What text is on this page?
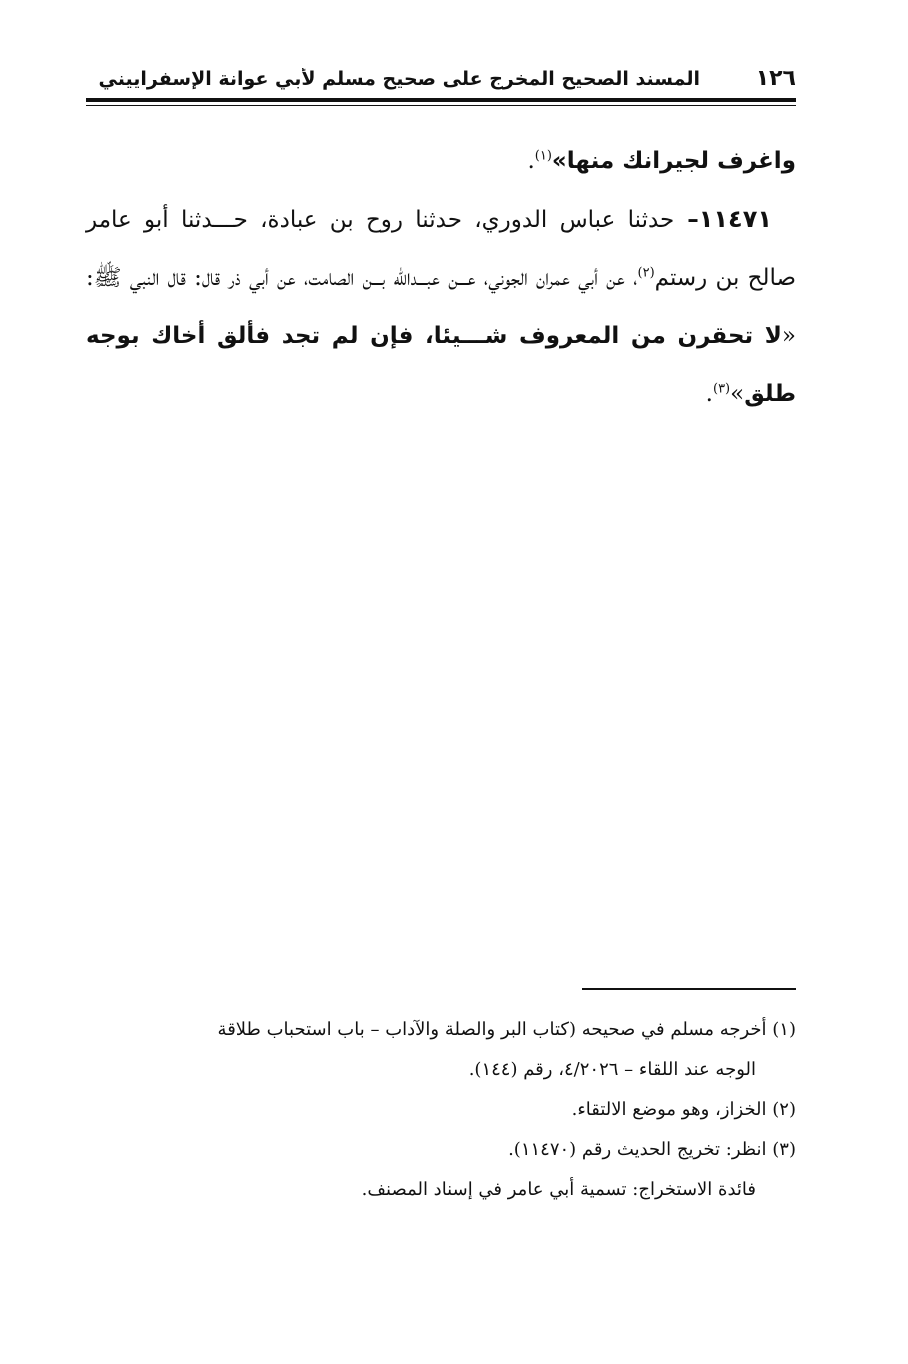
١٢٦
المسند الصحيح المخرج على صحيح مسلم لأبي عوانة الإسفراييني

واغرف لجيرانك منها»$^{(١)}$.

١١٤٧١– حدثنا عباس الدوري، حدثنا روح بن عبادة، حـــدثنا أبو عامر صالح بن رستم$^{(٢)}$، عن أبي عمران الجوني، عـــن عبـــدالله بـــن الصامت، عن أبي ذر قال: قال النبي ﷺ: «لا تحقرن من المعروف شـــيئا، فإن لم تجد فألق أخاك بوجه طلق»$^{(٣)}$.

(١) أخرجه مسلم في صحيحه (كتاب البر والصلة والآداب – باب استحباب طلاقة

الوجه عند اللقاء – ٤/٢٠٢٦، رقم (١٤٤).

(٢) الخزاز، وهو موضع الالتقاء.

(٣) انظر: تخريج الحديث رقم (١١٤٧٠).

فائدة الاستخراج: تسمية أبي عامر في إسناد المصنف.
